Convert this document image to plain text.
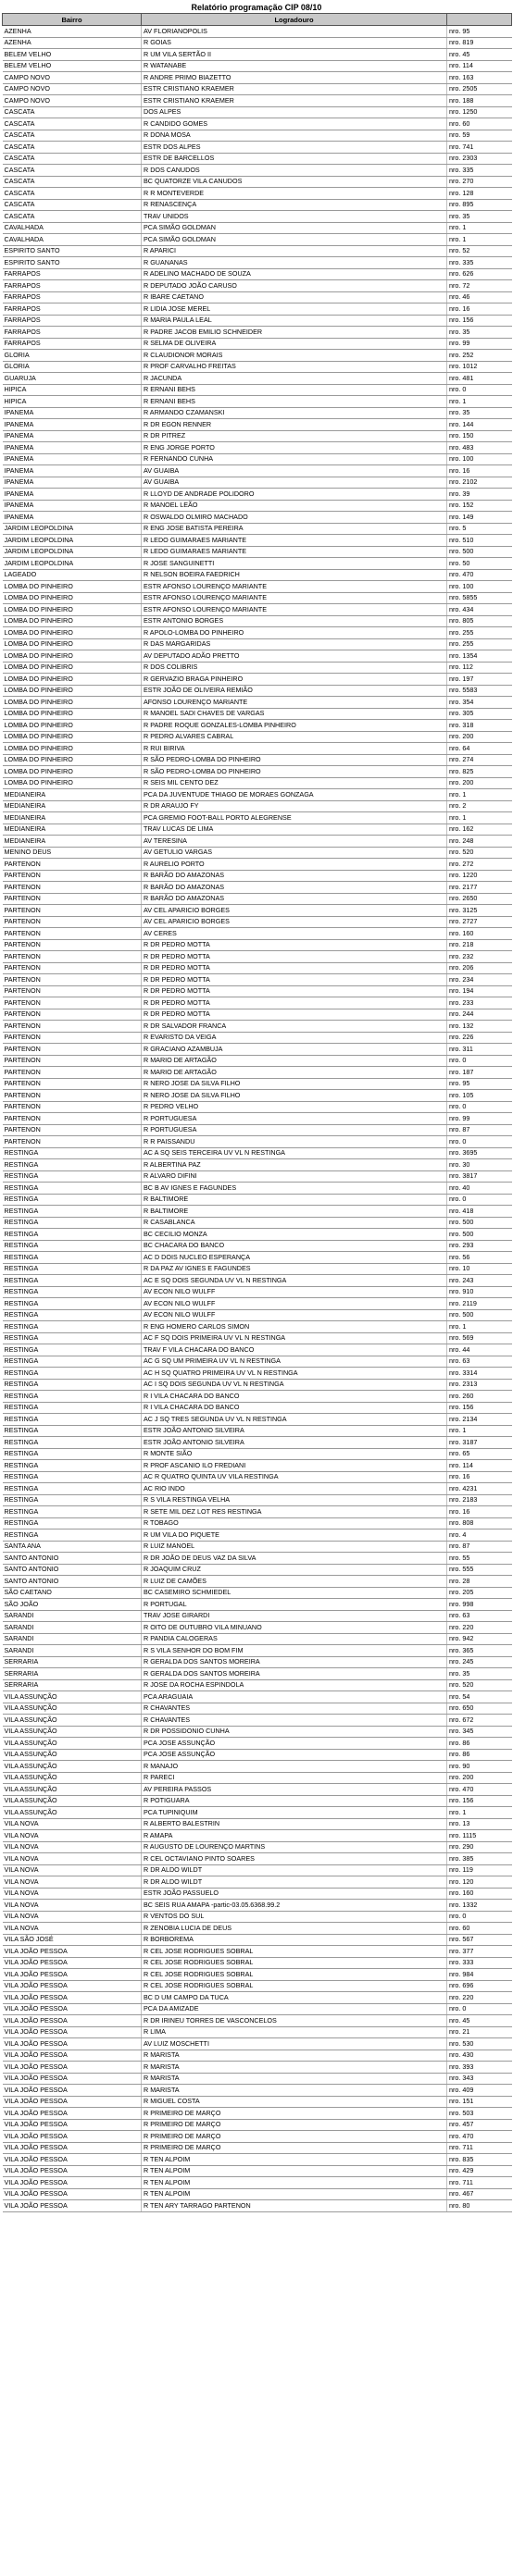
Relatório programação CIP 08/10
Bairro	Logradouro	
AZENHA	AV FLORIANOPOLIS	nro. 95
AZENHA	R GOIAS	nro. 819
BELEM VELHO	R UM VILA SERTÃO II	nro. 45
BELEM VELHO	R WATANABE	nro. 114
CAMPO NOVO	R ANDRE PRIMO BIAZETTO	nro. 163
CAMPO NOVO	ESTR CRISTIANO KRAEMER	nro. 2505
CAMPO NOVO	ESTR CRISTIANO KRAEMER	nro. 188
CASCATA	DOS ALPES	nro. 1250
CASCATA	R CANDIDO GOMES	nro. 60
CASCATA	R DONA MOSA	nro. 59
CASCATA	ESTR DOS ALPES	nro. 741
CASCATA	ESTR DE BARCELLOS	nro. 2303
CASCATA	R DOS CANUDOS	nro. 335
CASCATA	BC QUATORZE VILA CANUDOS	nro. 270
CASCATA	R R MONTEVERDE	nro. 128
CASCATA	R RENASCENÇA	nro. 895
CASCATA	TRAV UNIDOS	nro. 35
CAVALHADA	PCA SIMÃO GOLDMAN	nro. 1
CAVALHADA	PCA SIMÃO GOLDMAN	nro. 1
ESPIRITO SANTO	R APARICI	nro. 52
ESPIRITO SANTO	R GUANANAS	nro. 335
FARRAPOS	R ADELINO MACHADO DE SOUZA	nro. 626
FARRAPOS	R DEPUTADO JOÃO CARUSO	nro. 72
FARRAPOS	R IBARE CAETANO	nro. 46
FARRAPOS	R LIDIA JOSE MEREL	nro. 16
FARRAPOS	R MARIA PAULA LEAL	nro. 156
FARRAPOS	R PADRE JACOB EMILIO SCHNEIDER	nro. 35
FARRAPOS	R SELMA DE OLIVEIRA	nro. 99
GLORIA	R CLAUDIONOR MORAIS	nro. 252
GLORIA	R PROF CARVALHO FREITAS	nro. 1012
GUARUJA	R JACUNDA	nro. 481
HIPICA	R ERNANI BEHS	nro. 0
HIPICA	R ERNANI BEHS	nro. 1
IPANEMA	R ARMANDO CZAMANSKI	nro. 35
IPANEMA	R DR EGON RENNER	nro. 144
IPANEMA	R DR PITREZ	nro. 150
IPANEMA	R ENG JORGE PORTO	nro. 483
IPANEMA	R FERNANDO CUNHA	nro. 100
IPANEMA	AV GUAIBA	nro. 16
IPANEMA	AV GUAIBA	nro. 2102
IPANEMA	R LLOYD DE ANDRADE POLIDORO	nro. 39
IPANEMA	R MANOEL LEÃO	nro. 152
IPANEMA	R OSWALDO OLMIRO MACHADO	nro. 149
JARDIM LEOPOLDINA	R ENG JOSE BATISTA PEREIRA	nro. 5
JARDIM LEOPOLDINA	R LEDO GUIMARAES MARIANTE	nro. 510
JARDIM LEOPOLDINA	R LEDO GUIMARAES MARIANTE	nro. 500
JARDIM LEOPOLDINA	R JOSE SANGUINETTI	nro. 50
LAGEADO	R NELSON BOEIRA FAEDRICH	nro. 470
LOMBA DO PINHEIRO	ESTR AFONSO LOURENÇO MARIANTE	nro. 100
LOMBA DO PINHEIRO	ESTR AFONSO LOURENÇO MARIANTE	nro. 5855
LOMBA DO PINHEIRO	ESTR AFONSO LOURENÇO MARIANTE	nro. 434
LOMBA DO PINHEIRO	ESTR ANTONIO BORGES	nro. 805
LOMBA DO PINHEIRO	R APOLO-LOMBA DO PINHEIRO	nro. 255
LOMBA DO PINHEIRO	R DAS MARGARIDAS	nro. 255
LOMBA DO PINHEIRO	AV DEPUTADO ADÃO PRETTO	nro. 1354
LOMBA DO PINHEIRO	R DOS COLIBRIS	nro. 112
LOMBA DO PINHEIRO	R GERVAZIO BRAGA PINHEIRO	nro. 197
LOMBA DO PINHEIRO	ESTR JOÃO DE OLIVEIRA REMIÃO	nro. 5583
LOMBA DO PINHEIRO	AFONSO LOURENÇO MARIANTE	nro. 354
LOMBA DO PINHEIRO	R MANOEL SADI CHAVES DE VARGAS	nro. 305
LOMBA DO PINHEIRO	R PADRE ROQUE GONZALES-LOMBA PINHEIRO	nro. 318
LOMBA DO PINHEIRO	R PEDRO ALVARES CABRAL	nro. 200
LOMBA DO PINHEIRO	R RUI BIRIVA	nro. 64
LOMBA DO PINHEIRO	R SÃO PEDRO-LOMBA DO PINHEIRO	nro. 274
LOMBA DO PINHEIRO	R SÃO PEDRO-LOMBA DO PINHEIRO	nro. 825
LOMBA DO PINHEIRO	R SEIS MIL CENTO DEZ	nro. 200
MEDIANEIRA	PCA DA JUVENTUDE THIAGO DE MORAES GONZAGA	nro. 1
MEDIANEIRA	R DR ARAUJO FY	nro. 2
MEDIANEIRA	PCA GREMIO FOOT-BALL PORTO ALEGRENSE	nro. 1
MEDIANEIRA	TRAV LUCAS DE LIMA	nro. 162
MEDIANEIRA	AV TERESINA	nro. 248
MENINO DEUS	AV GETULIO VARGAS	nro. 520
PARTENON	R AURELIO PORTO	nro. 272
PARTENON	R BARÃO DO AMAZONAS	nro. 1220
PARTENON	R BARÃO DO AMAZONAS	nro. 2177
PARTENON	R BARÃO DO AMAZONAS	nro. 2650
PARTENON	AV CEL APARICIO BORGES	nro. 3125
PARTENON	AV CEL APARICIO BORGES	nro. 2727
PARTENON	AV CERES	nro. 160
PARTENON	R DR PEDRO MOTTA	nro. 218
PARTENON	R DR PEDRO MOTTA	nro. 232
PARTENON	R DR PEDRO MOTTA	nro. 206
PARTENON	R DR PEDRO MOTTA	nro. 234
PARTENON	R DR PEDRO MOTTA	nro. 194
PARTENON	R DR PEDRO MOTTA	nro. 233
PARTENON	R DR PEDRO MOTTA	nro. 244
PARTENON	R DR SALVADOR FRANCA	nro. 132
PARTENON	R EVARISTO DA VEIGA	nro. 226
PARTENON	R GRACIANO AZAMBUJA	nro. 311
PARTENON	R MARIO DE ARTAGÃO	nro. 0
PARTENON	R MARIO DE ARTAGÃO	nro. 187
PARTENON	R NERO JOSE DA SILVA FILHO	nro. 95
PARTENON	R NERO JOSE DA SILVA FILHO	nro. 105
PARTENON	R PEDRO VELHO	nro. 0
PARTENON	R PORTUGUESA	nro. 99
PARTENON	R PORTUGUESA	nro. 87
PARTENON	R R PAISSANDU	nro. 0
RESTINGA	AC A SQ SEIS TERCEIRA UV VL N RESTINGA	nro. 3695
RESTINGA	R ALBERTINA PAZ	nro. 30
RESTINGA	R ALVARO DIFINI	nro. 3817
RESTINGA	BC B AV IGNES E FAGUNDES	nro. 40
RESTINGA	R BALTIMORE	nro. 0
RESTINGA	R BALTIMORE	nro. 418
RESTINGA	R CASABLANCA	nro. 500
RESTINGA	BC CECILIO MONZA	nro. 500
RESTINGA	BC CHACARA DO BANCO	nro. 293
RESTINGA	AC D DOIS NUCLEO ESPERANÇA	nro. 56
RESTINGA	R DA PAZ AV IGNES E FAGUNDES	nro. 10
RESTINGA	AC E SQ DOIS SEGUNDA UV VL N RESTINGA	nro. 243
RESTINGA	AV ECON NILO WULFF	nro. 910
RESTINGA	AV ECON NILO WULFF	nro. 2119
RESTINGA	AV ECON NILO WULFF	nro. 500
RESTINGA	R ENG HOMERO CARLOS SIMON	nro. 1
RESTINGA	AC F SQ DOIS PRIMEIRA UV VL N RESTINGA	nro. 569
RESTINGA	TRAV F VILA CHACARA DO BANCO	nro. 44
RESTINGA	AC G SQ UM PRIMEIRA UV VL N RESTINGA	nro. 63
RESTINGA	AC H SQ QUATRO PRIMEIRA UV VL N RESTINGA	nro. 3314
RESTINGA	AC I SQ DOIS SEGUNDA UV VL N RESTINGA	nro. 2313
RESTINGA	R I VILA CHACARA DO BANCO	nro. 260
RESTINGA	R I VILA CHACARA DO BANCO	nro. 156
RESTINGA	AC J SQ TRES SEGUNDA UV VL N RESTINGA	nro. 2134
RESTINGA	ESTR JOÃO ANTONIO SILVEIRA	nro. 1
RESTINGA	ESTR JOÃO ANTONIO SILVEIRA	nro. 3187
RESTINGA	R MONTE SIÃO	nro. 65
RESTINGA	R PROF ASCANIO ILO FREDIANI	nro. 114
RESTINGA	AC R QUATRO QUINTA UV VILA RESTINGA	nro. 16
RESTINGA	AC RIO INDO	nro. 4231
RESTINGA	R S VILA RESTINGA VELHA	nro. 2183
RESTINGA	R SETE MIL DEZ LOT RES RESTINGA	nro. 16
RESTINGA	R TOBAGO	nro. 808
RESTINGA	R UM VILA DO PIQUETE	nro. 4
SANTA ANA	R LUIZ MANOEL	nro. 87
SANTO ANTONIO	R DR JOÃO DE DEUS VAZ DA SILVA	nro. 55
SANTO ANTONIO	R JOAQUIM CRUZ	nro. 555
SANTO ANTONIO	R LUIZ DE CAMÕES	nro. 28
SÃO CAETANO	BC CASEMIRO SCHMIEDEL	nro. 205
SÃO JOÃO	R PORTUGAL	nro. 998
SARANDI	TRAV JOSE GIRARDI	nro. 63
SARANDI	R OITO DE OUTUBRO VILA MINUANO	nro. 220
SARANDI	R PANDIA CALOGERAS	nro. 942
SARANDI	R S VILA SENHOR DO BOM FIM	nro. 365
SERRARIA	R GERALDA DOS SANTOS MOREIRA	nro. 245
SERRARIA	R GERALDA DOS SANTOS MOREIRA	nro. 35
SERRARIA	R JOSE DA ROCHA ESPINDOLA	nro. 520
VILA ASSUNÇÃO	PCA ARAGUAIA	nro. 54
VILA ASSUNÇÃO	R CHAVANTES	nro. 650
VILA ASSUNÇÃO	R CHAVANTES	nro. 672
VILA ASSUNÇÃO	R DR POSSIDONIO CUNHA	nro. 345
VILA ASSUNÇÃO	PCA JOSE ASSUNÇÃO	nro. 86
VILA ASSUNÇÃO	PCA JOSE ASSUNÇÃO	nro. 86
VILA ASSUNÇÃO	R MANAJO	nro. 90
VILA ASSUNÇÃO	R PARECI	nro. 200
VILA ASSUNÇÃO	AV PEREIRA PASSOS	nro. 470
VILA ASSUNÇÃO	R POTIGUARA	nro. 156
VILA ASSUNÇÃO	PCA TUPINIQUIM	nro. 1
VILA NOVA	R ALBERTO BALESTRIN	nro. 13
VILA NOVA	R AMAPA	nro. 1115
VILA NOVA	R AUGUSTO DE LOURENÇO MARTINS	nro. 290
VILA NOVA	R CEL OCTAVIANO PINTO SOARES	nro. 385
VILA NOVA	R DR ALDO WILDT	nro. 119
VILA NOVA	R DR ALDO WILDT	nro. 120
VILA NOVA	ESTR JOÃO PASSUELO	nro. 160
VILA NOVA	BC SEIS RUA AMAPA -partic-03.05.6368.99.2	nro. 1332
VILA NOVA	R VENTOS DO SUL	nro. 0
VILA NOVA	R ZENOBIA LUCIA DE DEUS	nro. 60
VILA SÃO JOSÉ	R BORBOREMA	nro. 567
VILA JOÃO PESSOA	R CEL JOSE RODRIGUES SOBRAL	nro. 377
VILA JOÃO PESSOA	R CEL JOSE RODRIGUES SOBRAL	nro. 333
VILA JOÃO PESSOA	R CEL JOSE RODRIGUES SOBRAL	nro. 984
VILA JOÃO PESSOA	R CEL JOSE RODRIGUES SOBRAL	nro. 696
VILA JOÃO PESSOA	BC D UM CAMPO DA TUCA	nro. 220
VILA JOÃO PESSOA	PCA DA AMIZADE	nro. 0
VILA JOÃO PESSOA	R DR IRINEU TORRES DE VASCONCELOS	nro. 45
VILA JOÃO PESSOA	R LIMA	nro. 21
VILA JOÃO PESSOA	AV LUIZ MOSCHETTI	nro. 530
VILA JOÃO PESSOA	R MARISTA	nro. 430
VILA JOÃO PESSOA	R MARISTA	nro. 393
VILA JOÃO PESSOA	R MARISTA	nro. 343
VILA JOÃO PESSOA	R MARISTA	nro. 409
VILA JOÃO PESSOA	R MIGUEL COSTA	nro. 151
VILA JOÃO PESSOA	R PRIMEIRO DE MARÇO	nro. 503
VILA JOÃO PESSOA	R PRIMEIRO DE MARÇO	nro. 457
VILA JOÃO PESSOA	R PRIMEIRO DE MARÇO	nro. 470
VILA JOÃO PESSOA	R PRIMEIRO DE MARÇO	nro. 711
VILA JOÃO PESSOA	R TEN ALPOIM	nro. 835
VILA JOÃO PESSOA	R TEN ALPOIM	nro. 429
VILA JOÃO PESSOA	R TEN ALPOIM	nro. 711
VILA JOÃO PESSOA	R TEN ALPOIM	nro. 467
VILA JOÃO PESSOA	R TEN ARY TARRAGO PARTENON	nro. 80
